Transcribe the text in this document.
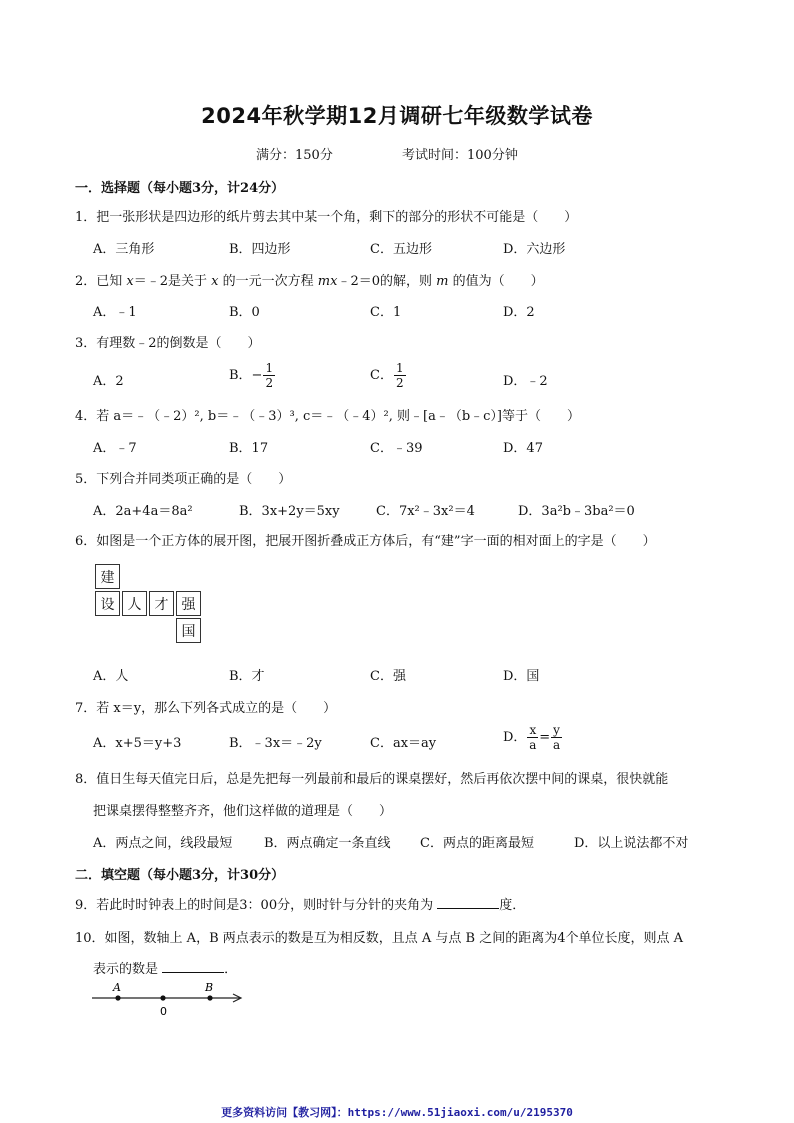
2024年秋学期12月调研七年级数学试卷
满分：150分	考试时间：100分钟
一．选择题（每小题3分，计24分）
1．把一张形状是四边形的纸片剪去其中某一个角，剩下的部分的形状不可能是（　　）
A．三角形	B．四边形	C．五边形	D．六边形
2．已知 x＝﹣2是关于 x 的一元一次方程 mx﹣2＝0的解，则 m 的值为（　　）
A．﹣1	B．0	C．1	D．2
3．有理数﹣2的倒数是（　　）
A．2	B．− $\frac{1}{2}$	C． $\frac{1}{2}$	D．﹣2
4．若 a＝﹣（﹣2）², b＝﹣（﹣3）³, c＝﹣（﹣4）², 则﹣[a﹣（b﹣c）]等于（　　）
A．﹣7	B．17	C．﹣39	D．47
5．下列合并同类项正确的是（　　）
A．2a+4a＝8a²	B．3x+2y＝5xy	C．7x²﹣3x²＝4	D．3a²b﹣3ba²＝0
6．如图是一个正方体的展开图，把展开图折叠成正方体后，有“建”字一面的相对面上的字是（　　）
建
设 人 才 强
国
A．人	B．才	C．强	D．国
7．若 x＝y，那么下列各式成立的是（　　）
A．x+5＝y+3	B．﹣3x＝﹣2y	C．ax＝ay	D． $\frac{x}{a} = \frac{y}{a}$
8．值日生每天值完日后，总是先把每一列最前和最后的课桌摆好，然后再依次摆中间的课桌，很快就能
把课桌摆得整整齐齐，他们这样做的道理是（　　）
A．两点之间，线段最短 B．两点确定一条直线 C．两点的距离最短	D．以上说法都不对
二．填空题（每小题3分，计30分）
9．若此时时钟表上的时间是3：00分，则时针与分针的夹角为	度．
10．如图，数轴上 A，B 两点表示的数是互为相反数，且点 A 与点 B 之间的距离为4个单位长度，则点 A
表示的数是	．
A	B
0
更多资料访问【教习网】：https://www.51jiaoxi.com/u/2195370
